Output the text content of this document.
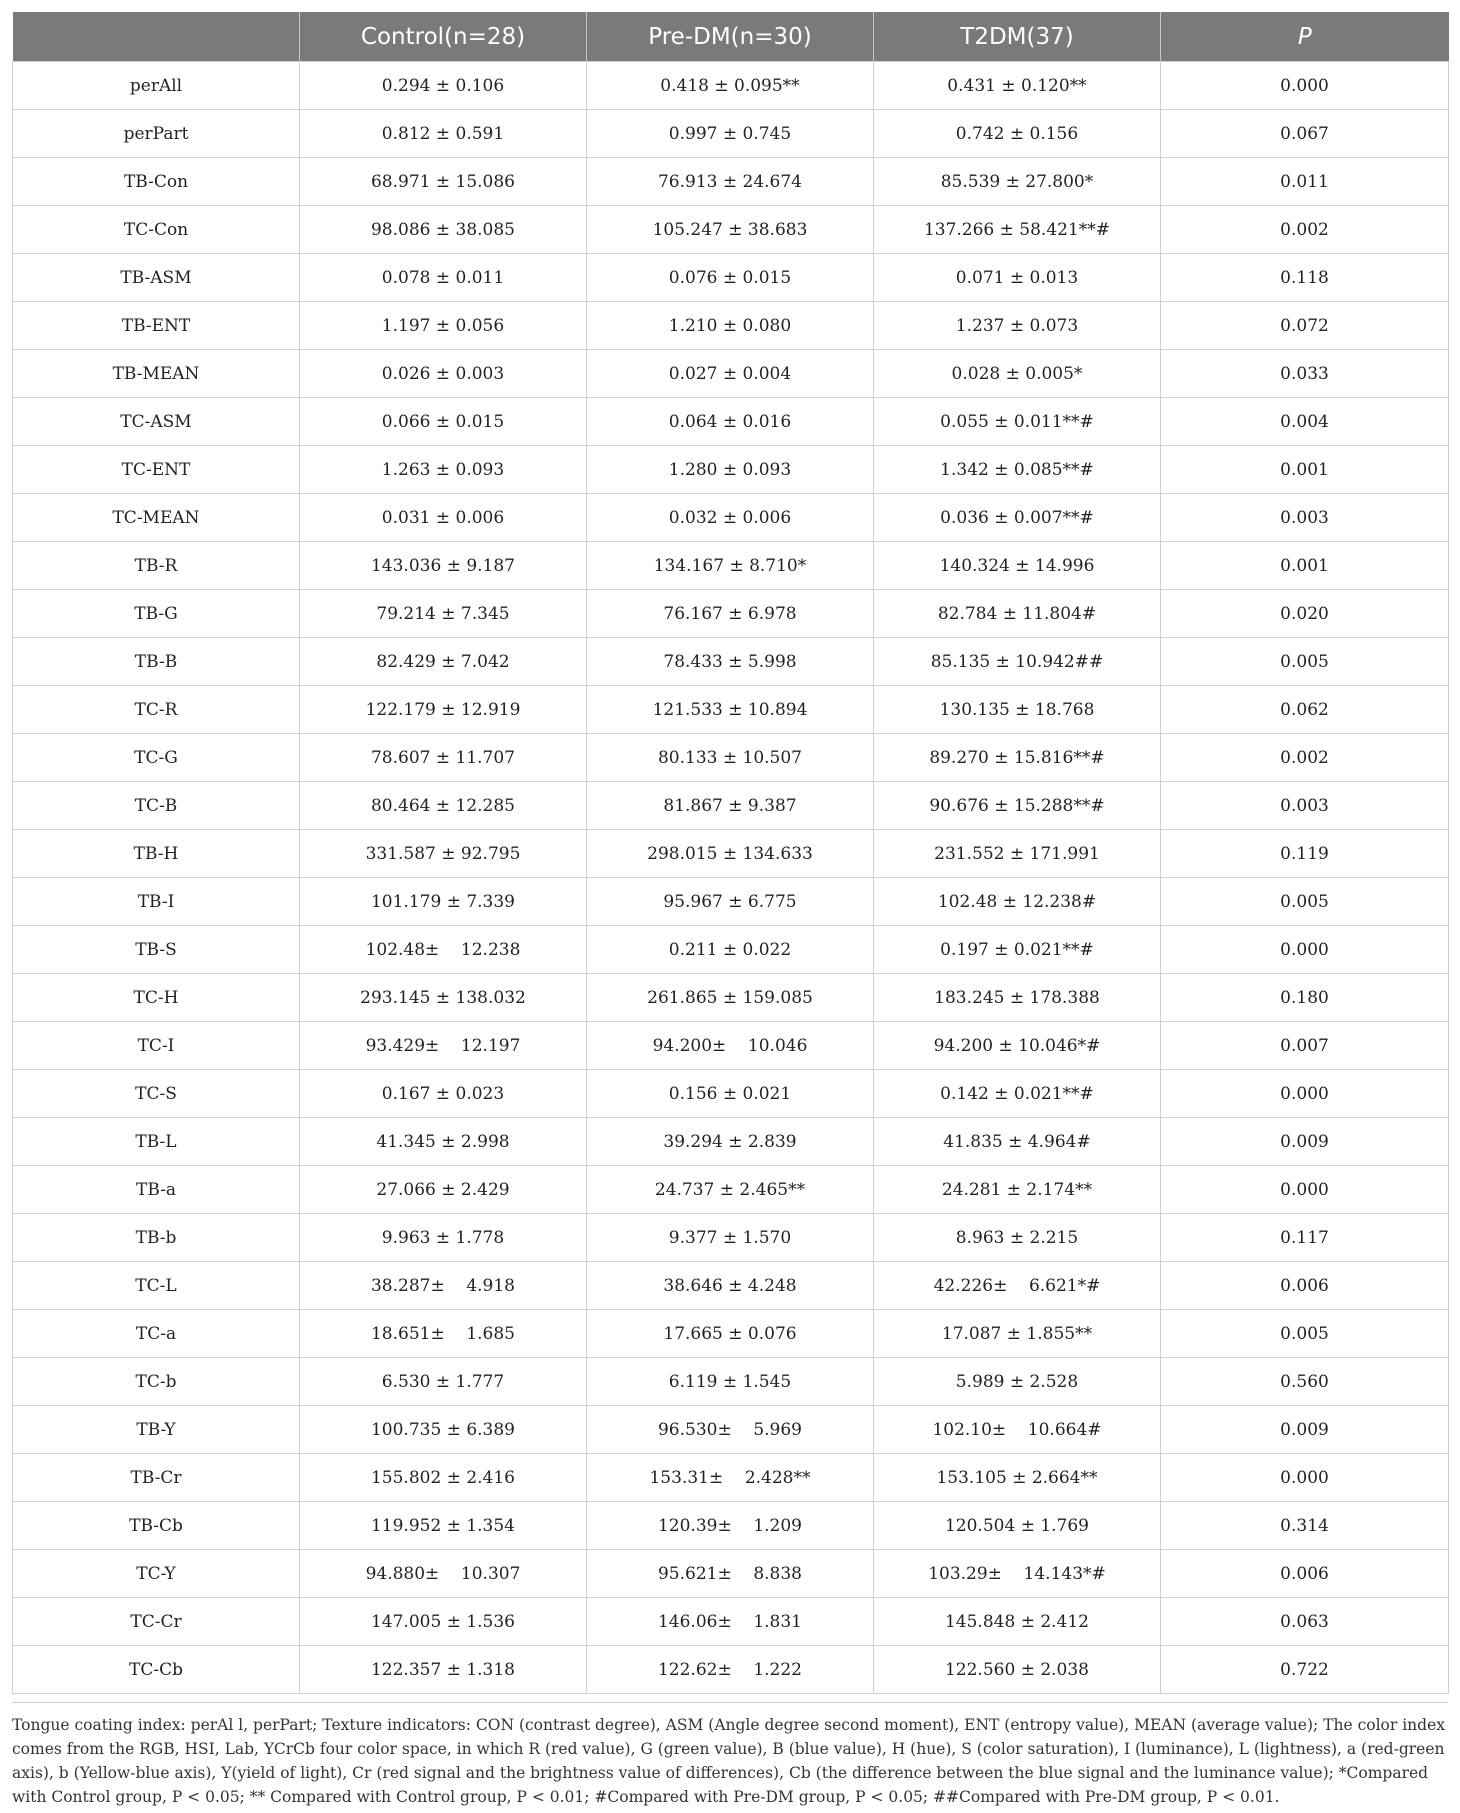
	Control(n=28)	Pre-DM(n=30)	T2DM(37)	P
perAll	0.294 ± 0.106	0.418 ± 0.095**	0.431 ± 0.120**	0.000
perPart	0.812 ± 0.591	0.997 ± 0.745	0.742 ± 0.156	0.067
TB-Con	68.971 ± 15.086	76.913 ± 24.674	85.539 ± 27.800*	0.011
TC-Con	98.086 ± 38.085	105.247 ± 38.683	137.266 ± 58.421**#	0.002
TB-ASM	0.078 ± 0.011	0.076 ± 0.015	0.071 ± 0.013	0.118
TB-ENT	1.197 ± 0.056	1.210 ± 0.080	1.237 ± 0.073	0.072
TB-MEAN	0.026 ± 0.003	0.027 ± 0.004	0.028 ± 0.005*	0.033
TC-ASM	0.066 ± 0.015	0.064 ± 0.016	0.055 ± 0.011**#	0.004
TC-ENT	1.263 ± 0.093	1.280 ± 0.093	1.342 ± 0.085**#	0.001
TC-MEAN	0.031 ± 0.006	0.032 ± 0.006	0.036 ± 0.007**#	0.003
TB-R	143.036 ± 9.187	134.167 ± 8.710*	140.324 ± 14.996	0.001
TB-G	79.214 ± 7.345	76.167 ± 6.978	82.784 ± 11.804#	0.020
TB-B	82.429 ± 7.042	78.433 ± 5.998	85.135 ± 10.942##	0.005
TC-R	122.179 ± 12.919	121.533 ± 10.894	130.135 ± 18.768	0.062
TC-G	78.607 ± 11.707	80.133 ± 10.507	89.270 ± 15.816**#	0.002
TC-B	80.464 ± 12.285	81.867 ± 9.387	90.676 ± 15.288**#	0.003
TB-H	331.587 ± 92.795	298.015 ± 134.633	231.552 ± 171.991	0.119
TB-I	101.179 ± 7.339	95.967 ± 6.775	102.48 ± 12.238#	0.005
TB-S	102.48±    12.238	0.211 ± 0.022	0.197 ± 0.021**#	0.000
TC-H	293.145 ± 138.032	261.865 ± 159.085	183.245 ± 178.388	0.180
TC-I	93.429±    12.197	94.200±    10.046	94.200 ± 10.046*#	0.007
TC-S	0.167 ± 0.023	0.156 ± 0.021	0.142 ± 0.021**#	0.000
TB-L	41.345 ± 2.998	39.294 ± 2.839	41.835 ± 4.964#	0.009
TB-a	27.066 ± 2.429	24.737 ± 2.465**	24.281 ± 2.174**	0.000
TB-b	9.963 ± 1.778	9.377 ± 1.570	8.963 ± 2.215	0.117
TC-L	38.287±    4.918	38.646 ± 4.248	42.226±    6.621*#	0.006
TC-a	18.651±    1.685	17.665 ± 0.076	17.087 ± 1.855**	0.005
TC-b	6.530 ± 1.777	6.119 ± 1.545	5.989 ± 2.528	0.560
TB-Y	100.735 ± 6.389	96.530±    5.969	102.10±    10.664#	0.009
TB-Cr	155.802 ± 2.416	153.31±    2.428**	153.105 ± 2.664**	0.000
TB-Cb	119.952 ± 1.354	120.39±    1.209	120.504 ± 1.769	0.314
TC-Y	94.880±    10.307	95.621±    8.838	103.29±    14.143*#	0.006
TC-Cr	147.005 ± 1.536	146.06±    1.831	145.848 ± 2.412	0.063
TC-Cb	122.357 ± 1.318	122.62±    1.222	122.560 ± 2.038	0.722
Tongue coating index: perAl l, perPart; Texture indicators: CON (contrast degree), ASM (Angle degree second moment), ENT (entropy value), MEAN (average value); The color index comes from the RGB, HSI, Lab, YCrCb four color space, in which R (red value), G (green value), B (blue value), H (hue), S (color saturation), I (luminance), L (lightness), a (red-green axis), b (Yellow-blue axis), Y(yield of light), Cr (red signal and the brightness value of differences), Cb (the difference between the blue signal and the luminance value); *Compared with Control group, P < 0.05; ** Compared with Control group, P < 0.01; #Compared with Pre-DM group, P < 0.05; ##Compared with Pre-DM group, P < 0.01.
